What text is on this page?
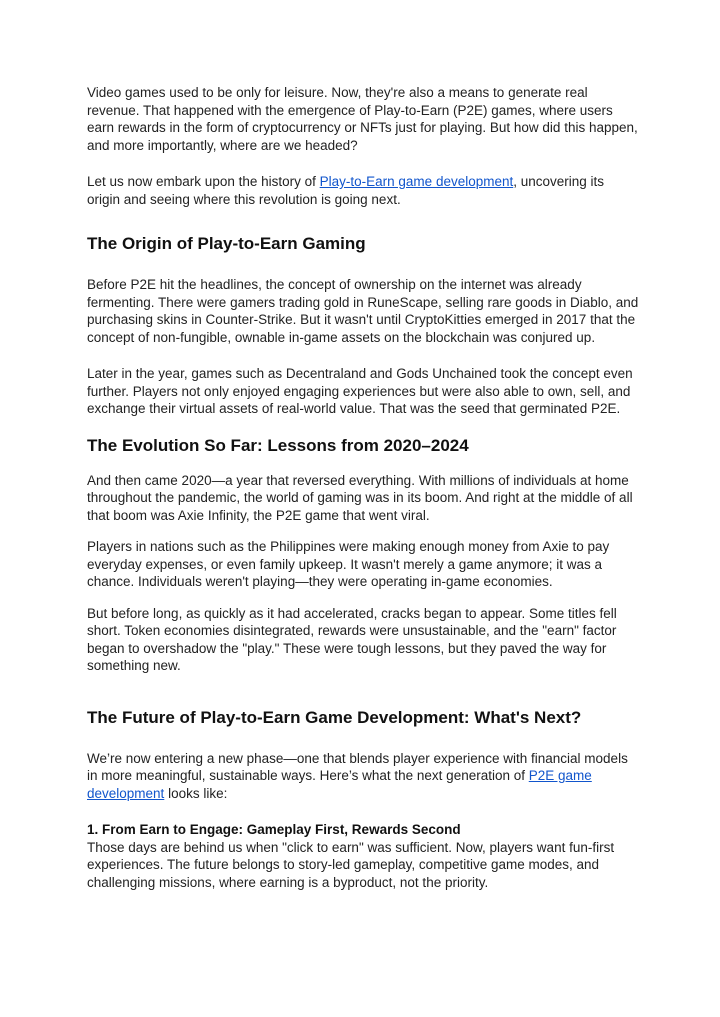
Video games used to be only for leisure. Now, they're also a means to generate real revenue. That happened with the emergence of Play-to-Earn (P2E) games, where users earn rewards in the form of cryptocurrency or NFTs just for playing. But how did this happen, and more importantly, where are we headed?

Let us now embark upon the history of Play-to-Earn game development, uncovering its origin and seeing where this revolution is going next.

The Origin of Play-to-Earn Gaming

Before P2E hit the headlines, the concept of ownership on the internet was already fermenting. There were gamers trading gold in RuneScape, selling rare goods in Diablo, and purchasing skins in Counter-Strike. But it wasn't until CryptoKitties emerged in 2017 that the concept of non-fungible, ownable in-game assets on the blockchain was conjured up.

Later in the year, games such as Decentraland and Gods Unchained took the concept even further. Players not only enjoyed engaging experiences but were also able to own, sell, and exchange their virtual assets of real-world value. That was the seed that germinated P2E.

The Evolution So Far: Lessons from 2020–2024

And then came 2020—a year that reversed everything. With millions of individuals at home throughout the pandemic, the world of gaming was in its boom. And right at the middle of all that boom was Axie Infinity, the P2E game that went viral.

Players in nations such as the Philippines were making enough money from Axie to pay everyday expenses, or even family upkeep. It wasn't merely a game anymore; it was a chance. Individuals weren't playing—they were operating in-game economies.

But before long, as quickly as it had accelerated, cracks began to appear. Some titles fell short. Token economies disintegrated, rewards were unsustainable, and the "earn" factor began to overshadow the "play." These were tough lessons, but they paved the way for something new.

The Future of Play-to-Earn Game Development: What's Next?

We’re now entering a new phase—one that blends player experience with financial models in more meaningful, sustainable ways. Here’s what the next generation of P2E game development looks like:

1. From Earn to Engage: Gameplay First, Rewards Second
Those days are behind us when "click to earn" was sufficient. Now, players want fun-first experiences. The future belongs to story-led gameplay, competitive game modes, and challenging missions, where earning is a byproduct, not the priority.
